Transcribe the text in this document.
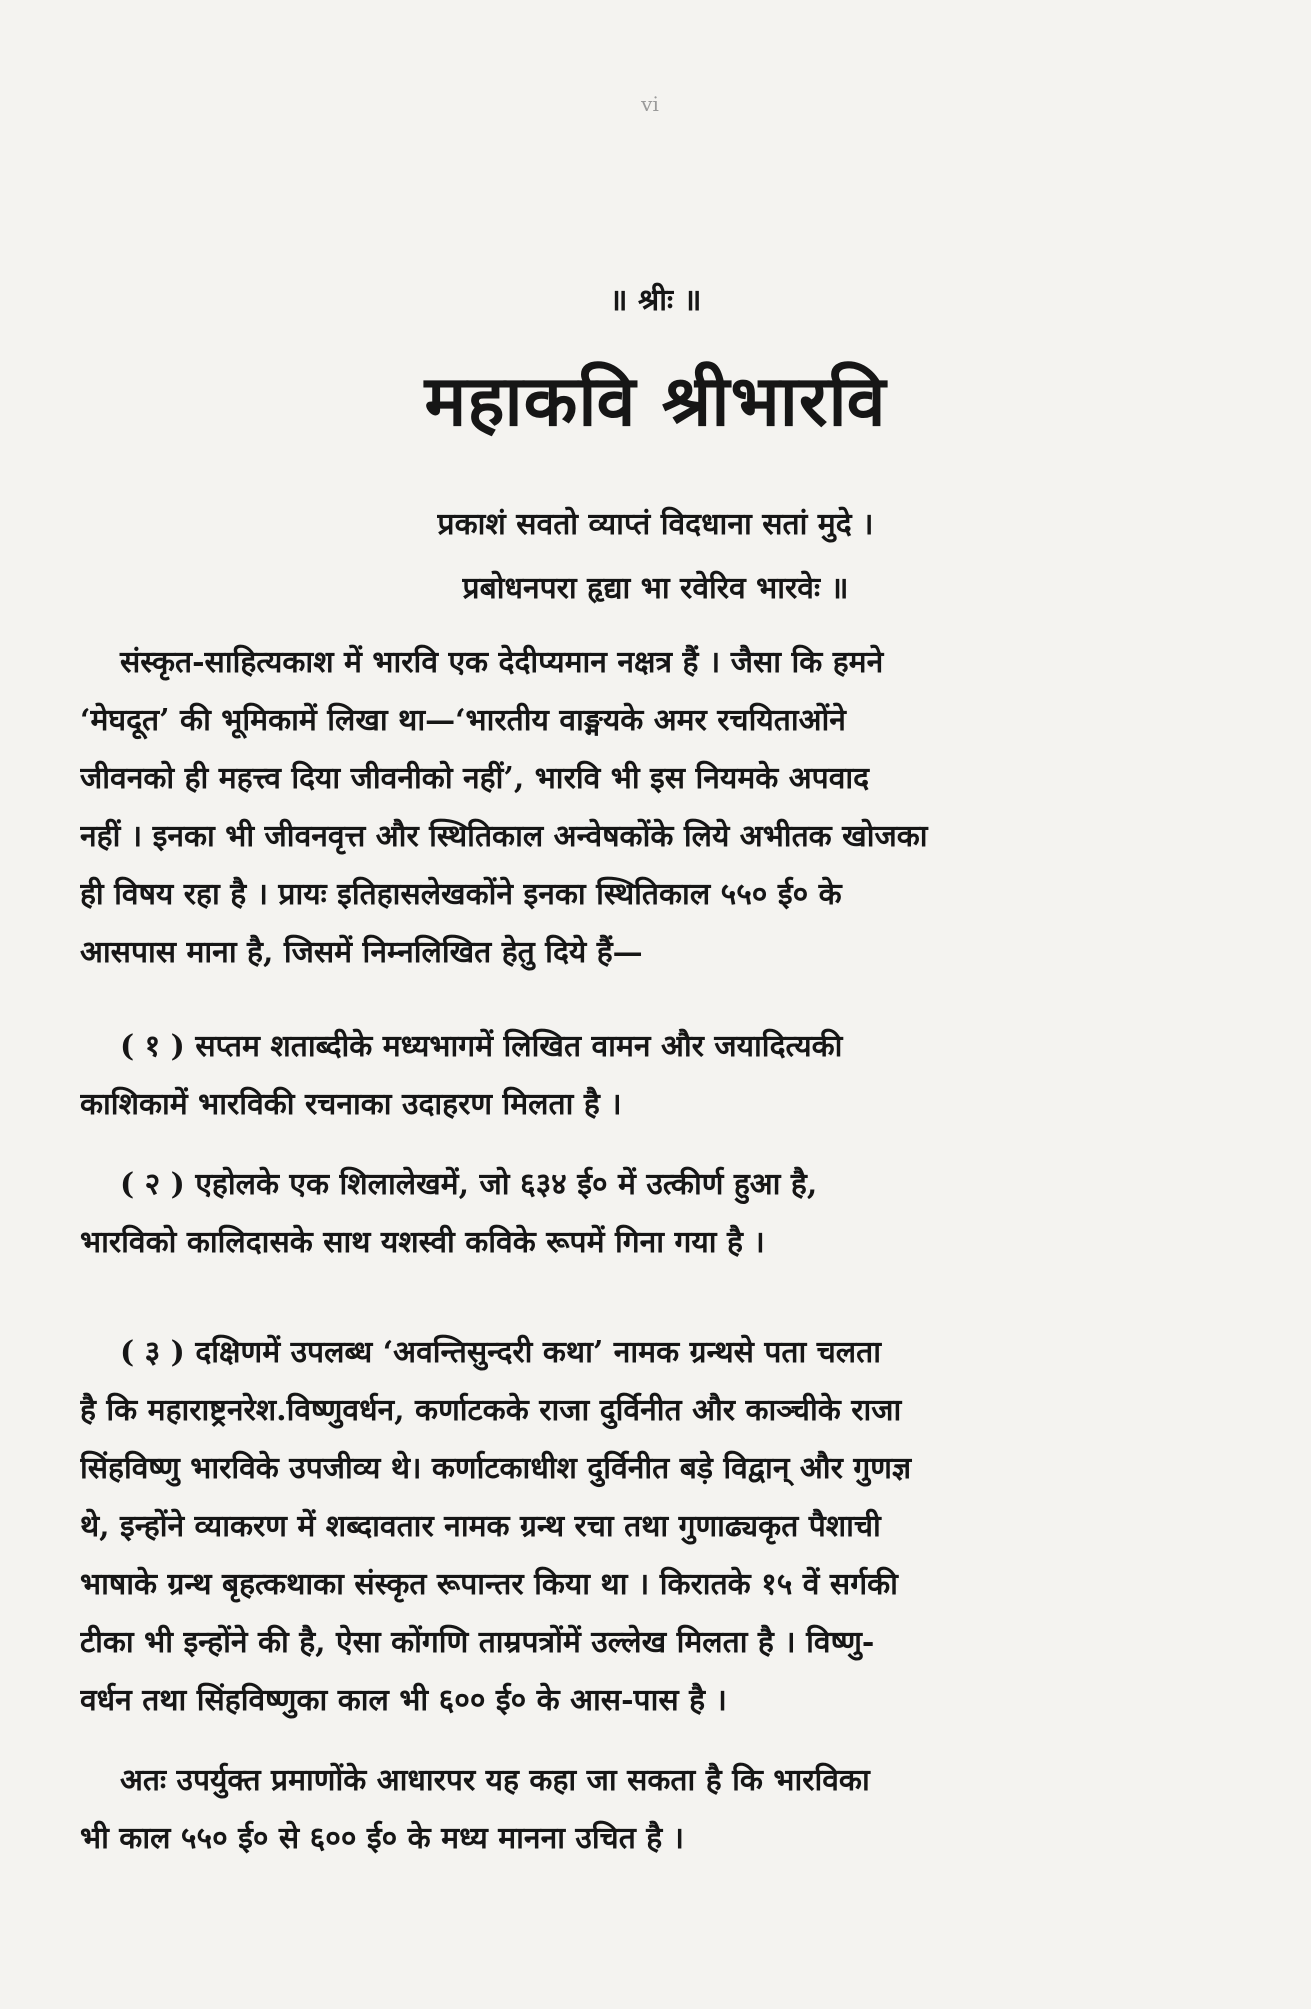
vi
॥ श्रीः ॥
महाकवि श्रीभारवि
प्रकाशं सवतो व्याप्तं विदधाना सतां मुदे ।
प्रबोधनपरा हृद्या भा रवेरिव भारवेः ॥
संस्कृत-साहित्यकाश में भारवि एक देदीप्यमान नक्षत्र हैं । जैसा कि हमने
‘मेघदूत’ की भूमिकामें लिखा था—‘भारतीय वाङ्मयके अमर रचयिताओंने
जीवनको ही महत्त्व दिया जीवनीको नहीं’, भारवि भी इस नियमके अपवाद
नहीं । इनका भी जीवनवृत्त और स्थितिकाल अन्वेषकोंके लिये अभीतक खोजका
ही विषय रहा है । प्रायः इतिहासलेखकोंने इनका स्थितिकाल ५५० ई० के
आसपास माना है, जिसमें निम्नलिखित हेतु दिये हैं—
( १ ) सप्तम शताब्दीके मध्यभागमें लिखित वामन और जयादित्यकी
काशिकामें भारविकी रचनाका उदाहरण मिलता है ।
( २ ) एहोलके एक शिलालेखमें, जो ६३४ ई० में उत्कीर्ण हुआ है,
भारविको कालिदासके साथ यशस्वी कविके रूपमें गिना गया है ।
( ३ ) दक्षिणमें उपलब्ध ‘अवन्तिसुन्दरी कथा’ नामक ग्रन्थसे पता चलता
है कि महाराष्ट्रनरेश.विष्णुवर्धन, कर्णाटकके राजा दुर्विनीत और काञ्चीके राजा
सिंहविष्णु भारविके उपजीव्य थे। कर्णाटकाधीश दुर्विनीत बड़े विद्वान् और गुणज्ञ
थे, इन्होंने व्याकरण में शब्दावतार नामक ग्रन्थ रचा तथा गुणाढ्यकृत पैशाची
भाषाके ग्रन्थ बृहत्कथाका संस्कृत रूपान्तर किया था । किरातके १५ वें सर्गकी
टीका भी इन्होंने की है, ऐसा कोंगणि ताम्रपत्रोंमें उल्लेख मिलता है । विष्णु-
वर्धन तथा सिंहविष्णुका काल भी ६०० ई० के आस-पास है ।
अतः उपर्युक्त प्रमाणोंके आधारपर यह कहा जा सकता है कि भारविका
भी काल ५५० ई० से ६०० ई० के मध्य मानना उचित है ।
